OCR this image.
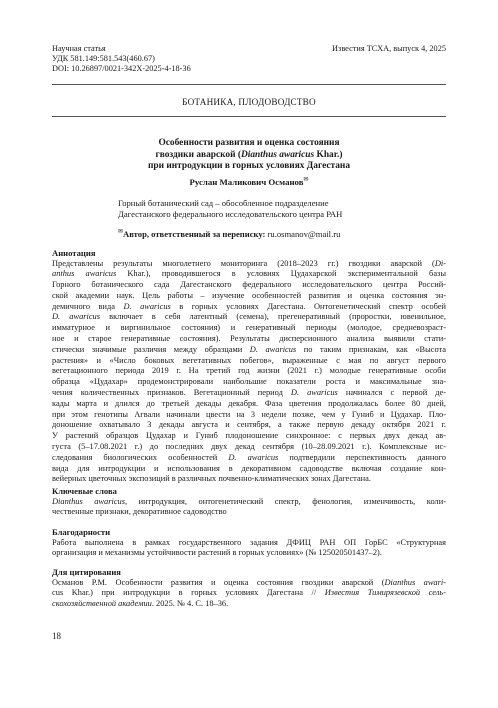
Научная статья
УДК 581.149:581.543(460.67)
DOI: 10.26897/0021-342X-2025-4-18-36
Известия ТСХА, выпуск 4, 2025
БОТАНИКА, ПЛОДОВОДСТВО
Особенности развития и оценка состояния
гвоздики аварской (Dianthus awaricus Khar.)
при интродукции в горных условиях Дагестана
Руслан Маликович Османов✉
Горный ботанический сад – обособленное подразделение
Дагестанского федерального исследовательского центра РАН
✉Автор, ответственный за переписку: ru.osmanov@mail.ru
Аннотация
Представлены результаты многолетнего мониторинга (2018–2023 гг.) гвоздики аварской (Di-
anthus awaricus Khar.), проводившегося в условиях Цудахарской экспериментальной базы
Горного ботанического сада Дагестанского федерального исследовательского центра Россий-
ской академии наук. Цель работы – изучение особенностей развития и оценка состояния эн-
демичного вида D. awaricus в горных условиях Дагестана. Онтогенетический спектр особей
D. awaricus включает в себя латентный (семена), прегенеративный (проростки, ювенильное,
имматурное и виргинильное состояния) и генеративный периоды (молодое, средневозраст-
ное и старое генеративные состояния). Результаты дисперсионного анализа выявили стати-
стически значимые различия между образцами D. awaricus по таким признакам, как «Высота
растения» и «Число боковых вегетативных побегов», выраженные с мая по август первого
вегетационного периода 2019 г. На третий год жизни (2021 г.) молодые генеративные особи
образца «Цудахар» продемонстрировали наибольшие показатели роста и максимальные зна-
чения количественных признаков. Вегетационный период D. awaricus начинался с первой де-
кады марта и длился до третьей декады декабря. Фаза цветения продолжалась более 80 дней,
при этом генотипы Агвали начинали цвести на 3 недели позже, чем у Гуниб и Цудахар. Пло-
доношение охватывало 3 декады августа и сентября, а также первую декаду октября 2021 г.
У растений образцов Цудахар и Гуниб плодоношение синхронное: с первых двух декад ав-
густа (5–17.08.2021 г.) до последних двух декад сентября (10–28.09.2021 г.). Комплексные ис-
следования биологических особенностей D. awaricus подтвердили перспективность данного
вида для интродукции и использования в декоративном садоводстве включая создание кон-
вейерных цветочных экспозиций в различных почвенно-климатических зонах Дагестана.
Ключевые слова
Dianthus awaricus, интродукция, онтогенетический спектр, фенология, изменчивость, коли-
чественные признаки, декоративное садоводство
Благодарности
Работа выполнена в рамках государственного задания ДФИЦ РАН ОП ГорБС «Структурная
организация и механизмы устойчивости растений в горных условиях» (№ 125020501437–2).
Для цитирования
Османов Р.М. Особенности развития и оценка состояния гвоздики аварской (Dianthus awari-
cus Khar.) при интродукции в горных условиях Дагестана // Известия Тимирязевской сель-
скохозяйственной академии. 2025. № 4. С. 18–36.
18
